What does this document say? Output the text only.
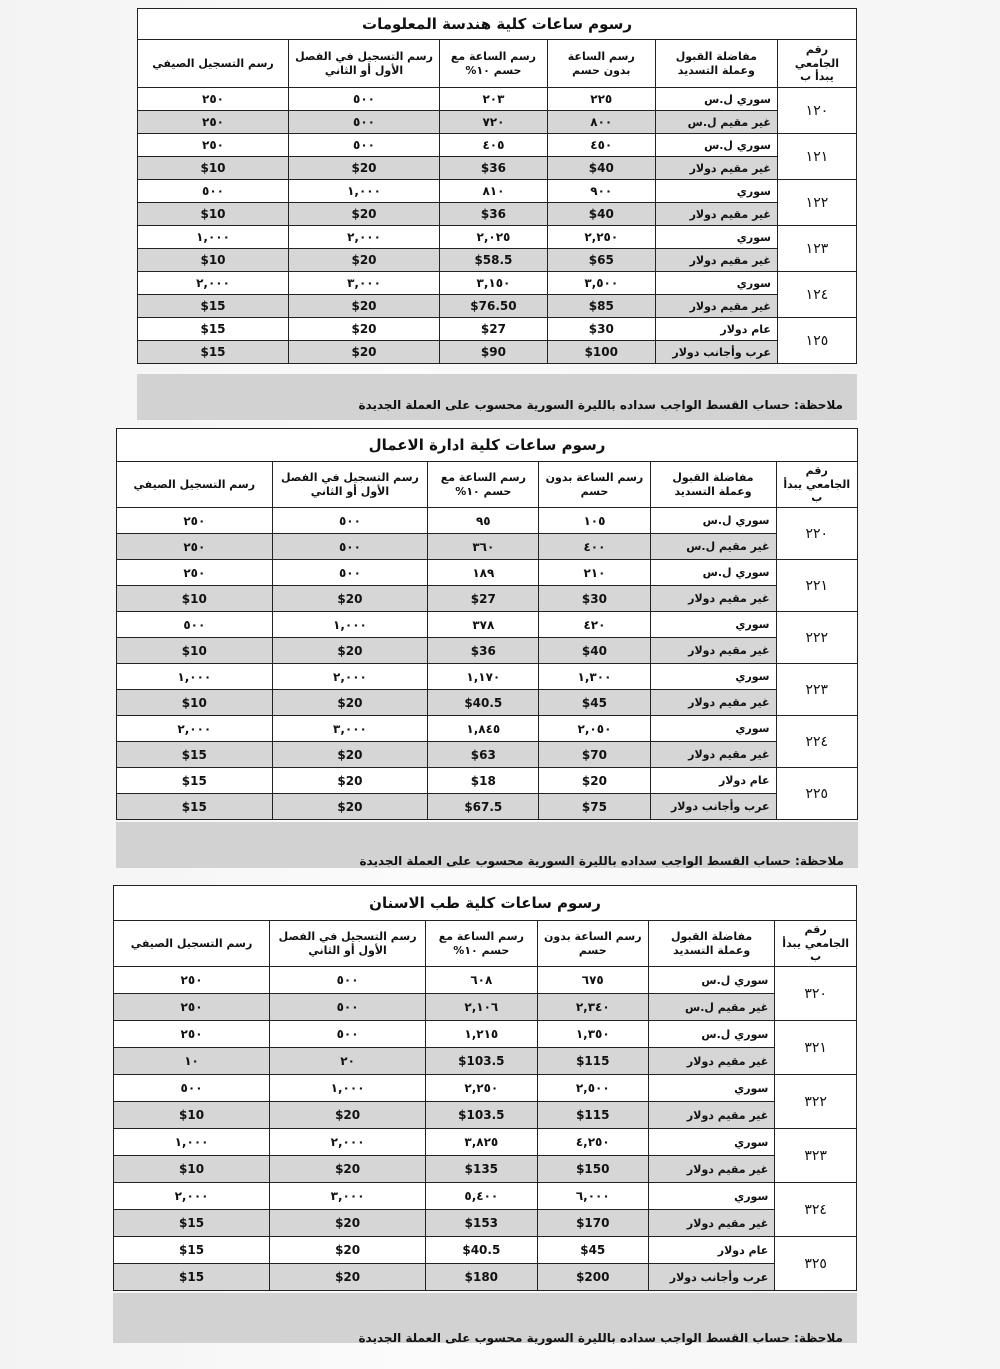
رسوم ساعات كلية هندسة المعلومات
رقم الجامعي يبدأ ب	مفاضلة القبول وعملة التسديد	رسم الساعة بدون حسم	رسم الساعة مع حسم ١٠%	رسم التسجيل في الفصل الأول أو الثاني	رسم التسجيل الصيفي
١٢٠	سوري ل.س	٢٢٥	٢٠٣	٥٠٠	٢٥٠
	غير مقيم ل.س	٨٠٠	٧٢٠	٥٠٠	٢٥٠
١٢١	سوري ل.س	٤٥٠	٤٠٥	٥٠٠	٢٥٠
	غير مقيم دولار	$40	$36	$20	$10
١٢٢	سوري	٩٠٠	٨١٠	١,٠٠٠	٥٠٠
	غير مقيم دولار	$40	$36	$20	$10
١٢٣	سوري	٢,٢٥٠	٢,٠٢٥	٢,٠٠٠	١,٠٠٠
	غير مقيم دولار	$65	$58.5	$20	$10
١٢٤	سوري	٣,٥٠٠	٣,١٥٠	٣,٠٠٠	٢,٠٠٠
	غير مقيم دولار	$85	$76.50	$20	$15
١٢٥	عام دولار	$30	$27	$20	$15
	عرب وأجانب دولار	$100	$90	$20	$15
ملاحظة: حساب القسط الواجب سداده بالليرة السورية محسوب على العملة الجديدة
رسوم ساعات كلية ادارة الاعمال
رقم الجامعي يبدأ ب	مفاضلة القبول وعملة التسديد	رسم الساعة بدون حسم	رسم الساعة مع حسم ١٠%	رسم التسجيل في الفصل الأول أو الثاني	رسم التسجيل الصيفي
٢٢٠	سوري ل.س	١٠٥	٩٥	٥٠٠	٢٥٠
	غير مقيم ل.س	٤٠٠	٣٦٠	٥٠٠	٢٥٠
٢٢١	سوري ل.س	٢١٠	١٨٩	٥٠٠	٢٥٠
	غير مقيم دولار	$30	$27	$20	$10
٢٢٢	سوري	٤٢٠	٣٧٨	١,٠٠٠	٥٠٠
	غير مقيم دولار	$40	$36	$20	$10
٢٢٣	سوري	١,٣٠٠	١,١٧٠	٢,٠٠٠	١,٠٠٠
	غير مقيم دولار	$45	$40.5	$20	$10
٢٢٤	سوري	٢,٠٥٠	١,٨٤٥	٣,٠٠٠	٢,٠٠٠
	غير مقيم دولار	$70	$63	$20	$15
٢٢٥	عام دولار	$20	$18	$20	$15
	عرب وأجانب دولار	$75	$67.5	$20	$15
ملاحظة: حساب القسط الواجب سداده بالليرة السورية محسوب على العملة الجديدة
رسوم ساعات كلية طب الاسنان
رقم الجامعي يبدأ ب	مفاضلة القبول وعملة التسديد	رسم الساعة بدون حسم	رسم الساعة مع حسم ١٠%	رسم التسجيل في الفصل الأول أو الثاني	رسم التسجيل الصيفي
٣٢٠	سوري ل.س	٦٧٥	٦٠٨	٥٠٠	٢٥٠
	غير مقيم ل.س	٢,٣٤٠	٢,١٠٦	٥٠٠	٢٥٠
٣٢١	سوري ل.س	١,٣٥٠	١,٢١٥	٥٠٠	٢٥٠
	غير مقيم دولار	$115	$103.5	٢٠	١٠
٣٢٢	سوري	٢,٥٠٠	٢,٢٥٠	١,٠٠٠	٥٠٠
	غير مقيم دولار	$115	$103.5	$20	$10
٣٢٣	سوري	٤,٢٥٠	٣,٨٢٥	٢,٠٠٠	١,٠٠٠
	غير مقيم دولار	$150	$135	$20	$10
٣٢٤	سوري	٦,٠٠٠	٥,٤٠٠	٣,٠٠٠	٢,٠٠٠
	غير مقيم دولار	$170	$153	$20	$15
٣٢٥	عام دولار	$45	$40.5	$20	$15
	عرب وأجانب دولار	$200	$180	$20	$15
ملاحظة: حساب القسط الواجب سداده بالليرة السورية محسوب على العملة الجديدة
